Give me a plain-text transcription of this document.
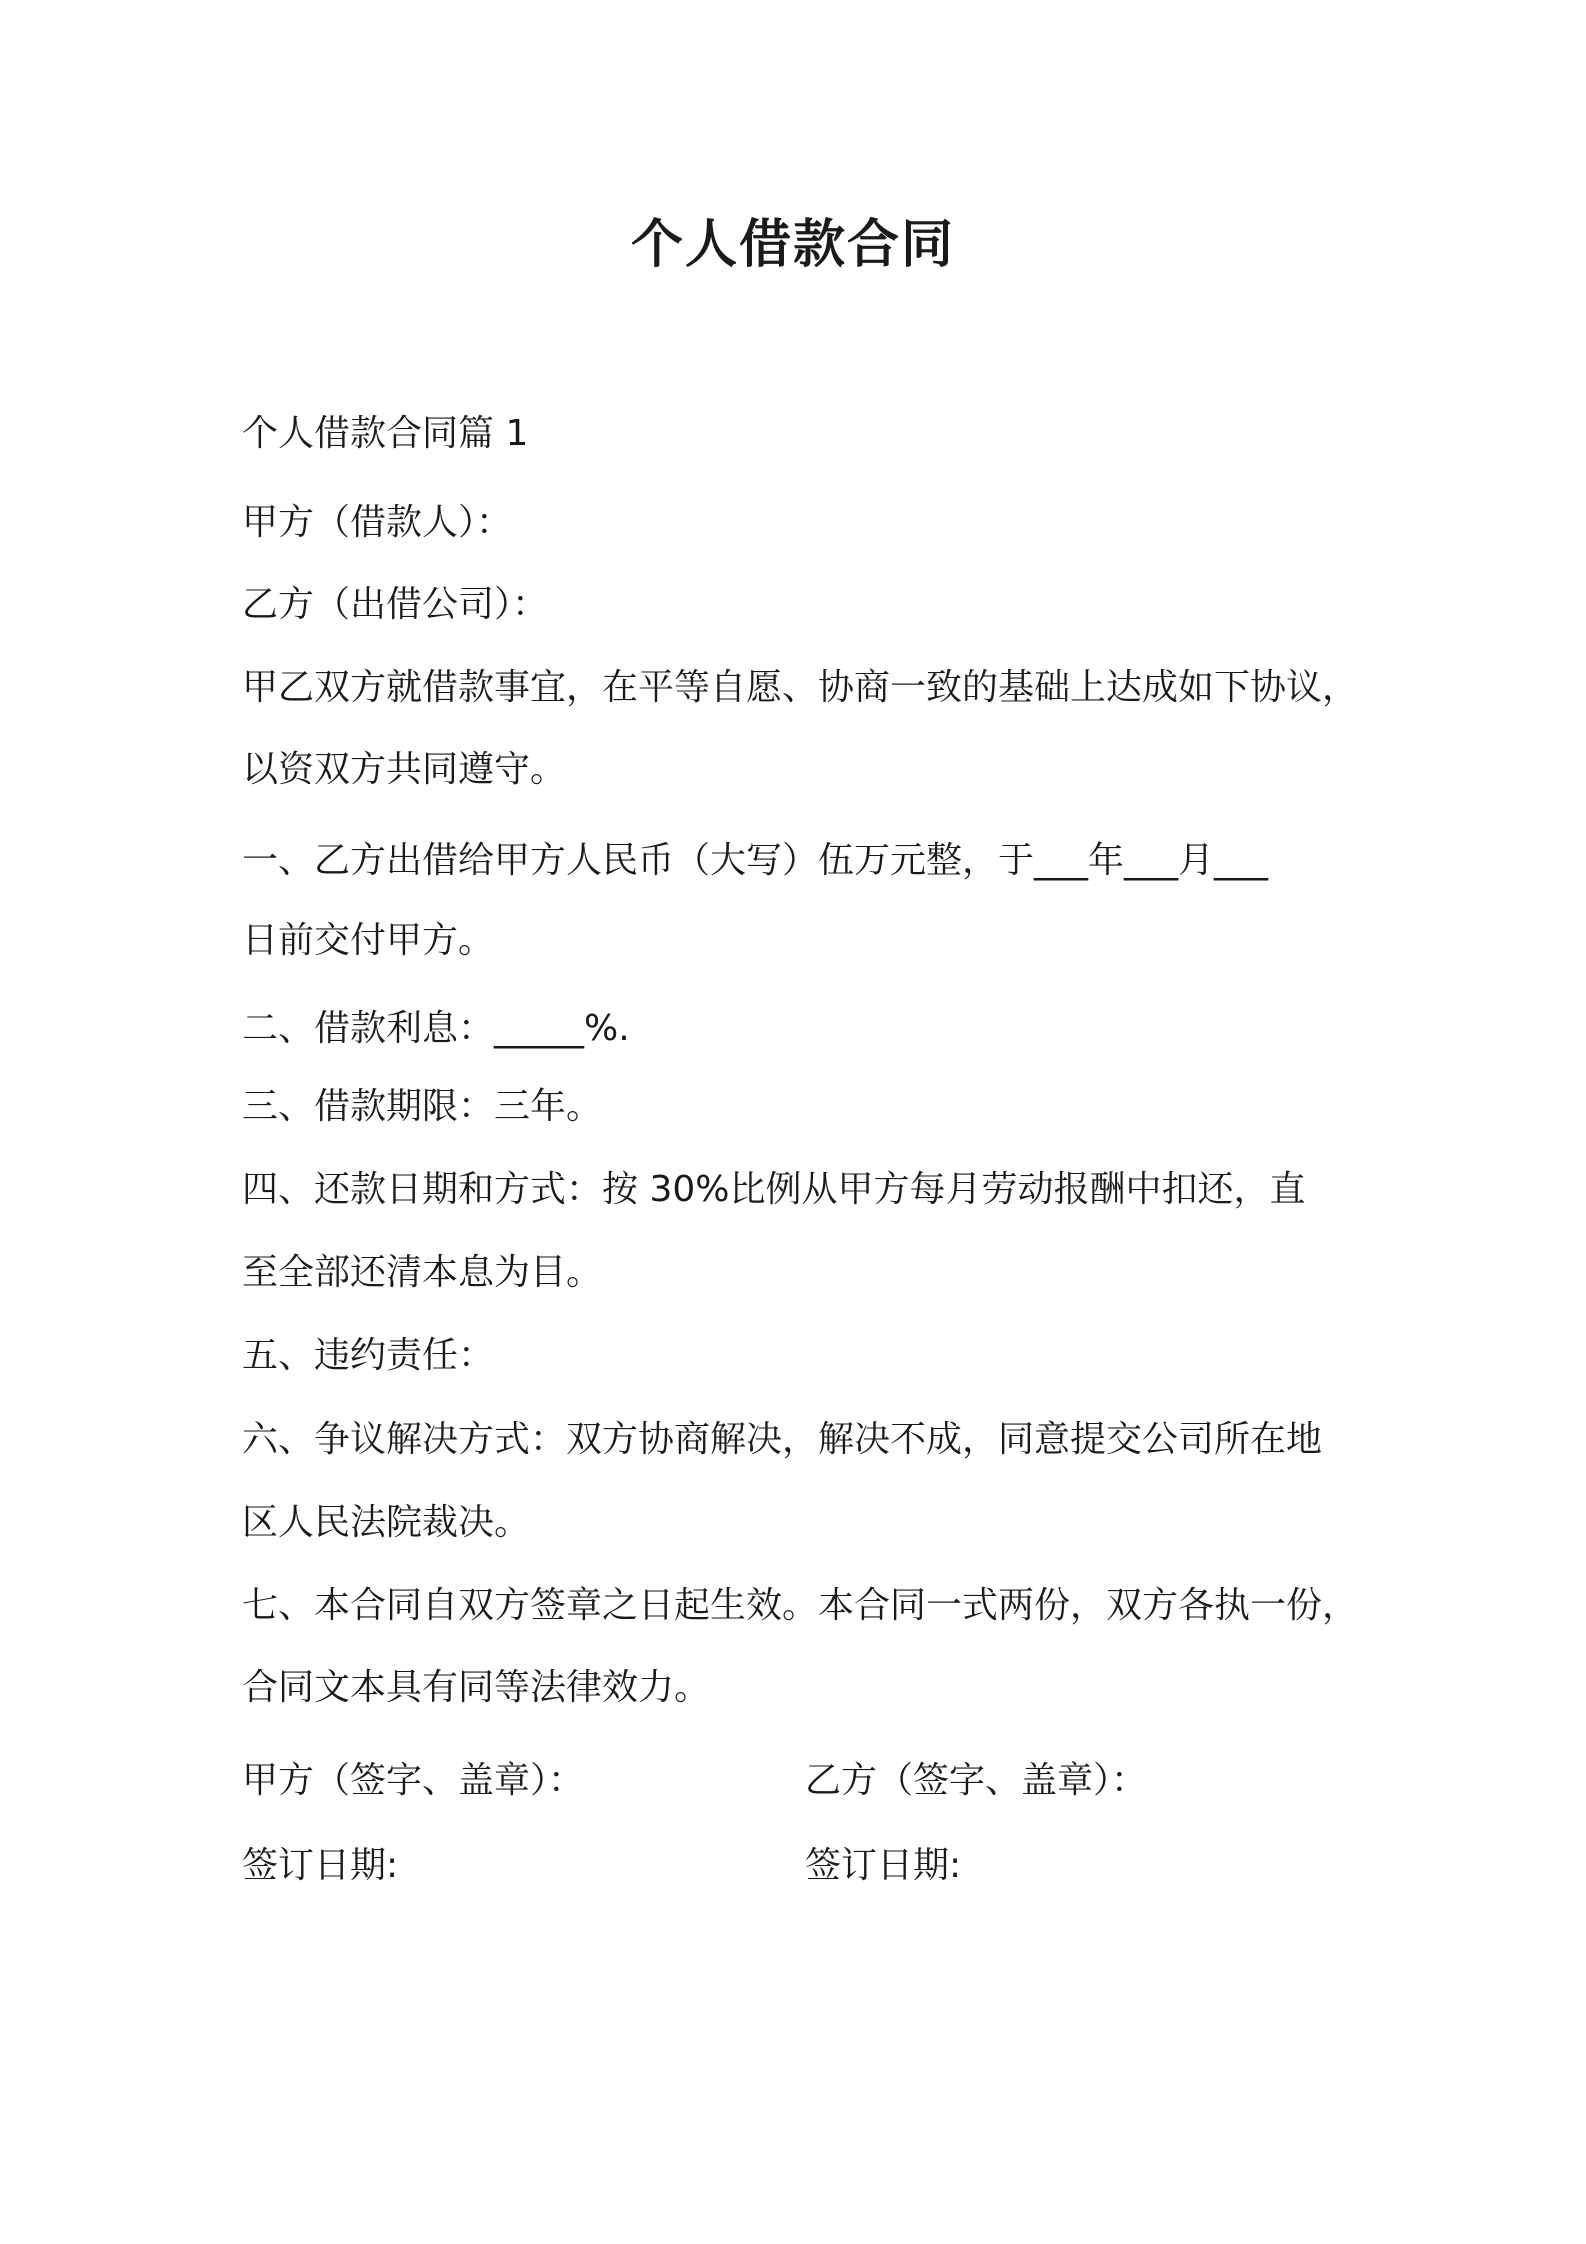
个人借款合同

个人借款合同篇 1

甲方（借款人）：

乙方（出借公司）：

甲乙双方就借款事宜，在平等自愿、协商一致的基础上达成如下协议，

以资双方共同遵守。

一、乙方出借给甲方人民币（大写）伍万元整，于___年___月___

日前交付甲方。

二、借款利息：_____%.

三、借款期限：三年。

四、还款日期和方式：按 30%比例从甲方每月劳动报酬中扣还，直

至全部还清本息为目。

五、违约责任：

六、争议解决方式：双方协商解决，解决不成，同意提交公司所在地

区人民法院裁决。

七、本合同自双方签章之日起生效。本合同一式两份，双方各执一份，

合同文本具有同等法律效力。

甲方（签字、盖章）：	乙方（签字、盖章）：

签订日期:	签订日期:
